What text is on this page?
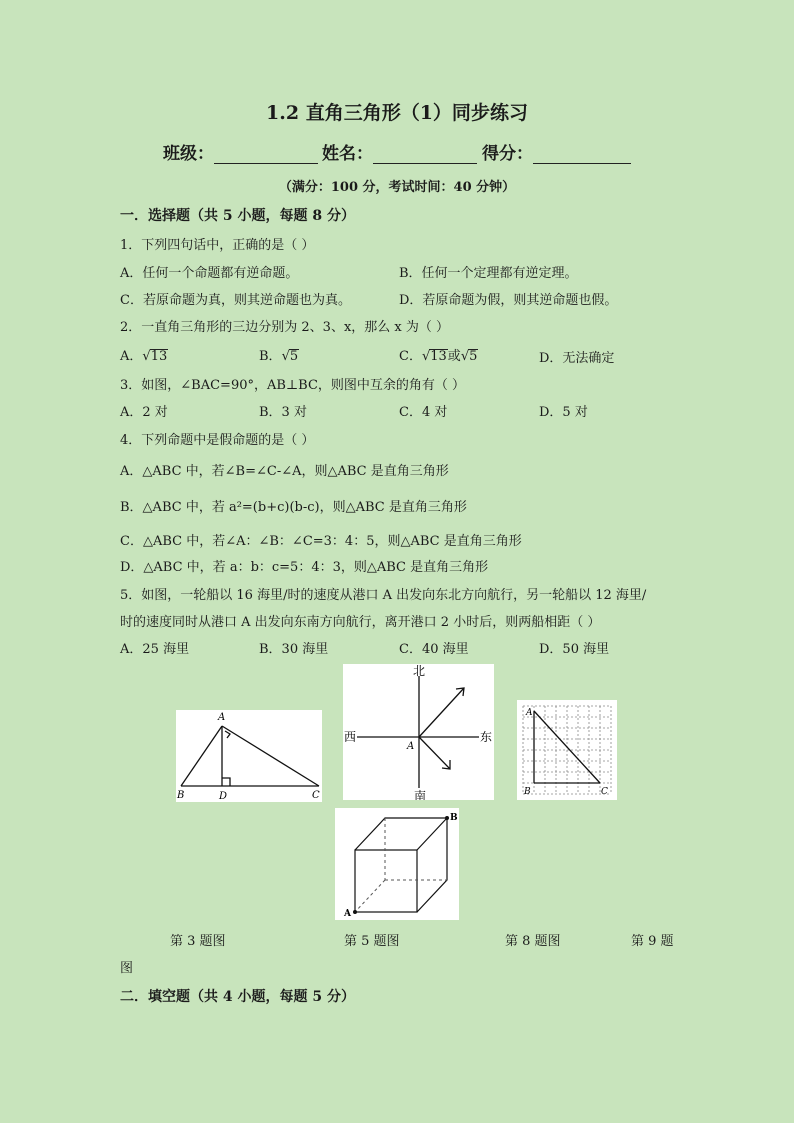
1.2 直角三角形（1）同步练习
班级：	姓名：	得分：
（满分：100 分，考试时间：40 分钟）
一．选择题（共 5 小题，每题 8 分）
1．下列四句话中，正确的是（ ）
A．任何一个命题都有逆命题。	B．任何一个定理都有逆定理。
C．若原命题为真，则其逆命题也为真。	D．若原命题为假，则其逆命题也假。
2．一直角三角形的三边分别为 2、3、x，那么 x 为（ ）
A．√13	B．√5	C．√13或√5	D．无法确定
3．如图，∠BAC=90°，AB⊥BC，则图中互余的角有（ ）
A．2 对	B．3 对	C．4 对	D．5 对
4．下列命题中是假命题的是（ ）
A．△ABC 中，若∠B=∠C-∠A，则△ABC 是直角三角形
B．△ABC 中，若 a²=(b+c)(b-c)，则△ABC 是直角三角形
C．△ABC 中，若∠A：∠B：∠C=3：4：5，则△ABC 是直角三角形
D．△ABC 中，若 a：b：c=5：4：3，则△ABC 是直角三角形
5．如图，一轮船以 16 海里/时的速度从港口 A 出发向东北方向航行，另一轮船以 12 海里/
时的速度同时从港口 A 出发向东南方向航行，离开港口 2 小时后，则两船相距（ ）
A．25 海里	B．30 海里	C．40 海里	D．50 海里
A
B	D	C
北
南
西	东
A
A
B	C
A
B
第 3 题图	第 5 题图	第 8 题图	第 9 题
图
二．填空题（共 4 小题，每题 5 分）
